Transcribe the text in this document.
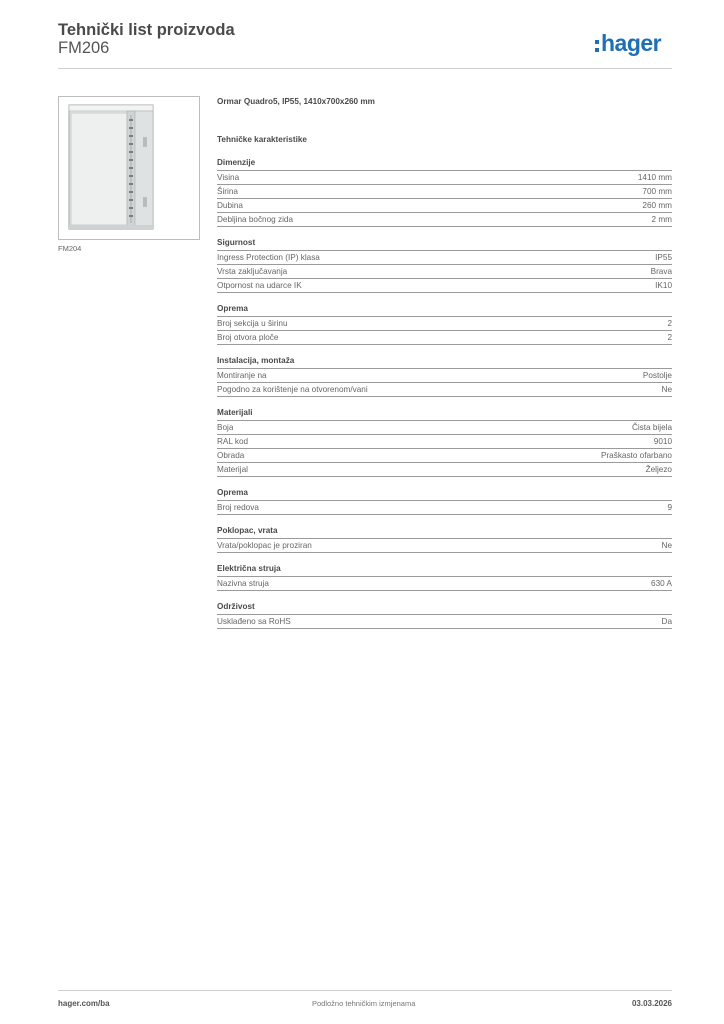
Tehnički list proizvoda
FM206	hager
FM204
Ormar Quadro5, IP55, 1410x700x260 mm
Tehničke karakteristike
Dimenzije
Visina	1410 mm
Širina	700 mm
Dubina	260 mm
Debljina bočnog zida	2 mm
Sigurnost
Ingress Protection (IP) klasa	IP55
Vrsta zaključavanja	Brava
Otpornost na udarce IK	IK10
Oprema
Broj sekcija u širinu	2
Broj otvora ploče	2
Instalacija, montaža
Montiranje na	Postolje
Pogodno za korištenje na otvorenom/vani	Ne
Materijali
Boja	Čista bijela
RAL kod	9010
Obrada	Praškasto ofarbano
Materijal	Željezo
Oprema
Broj redova	9
Poklopac, vrata
Vrata/poklopac je proziran	Ne
Električna struja
Nazivna struja	630 A
Održivost
Usklađeno sa RoHS	Da
hager.com/ba	Podložno tehničkim izmjenama	03.03.2026
